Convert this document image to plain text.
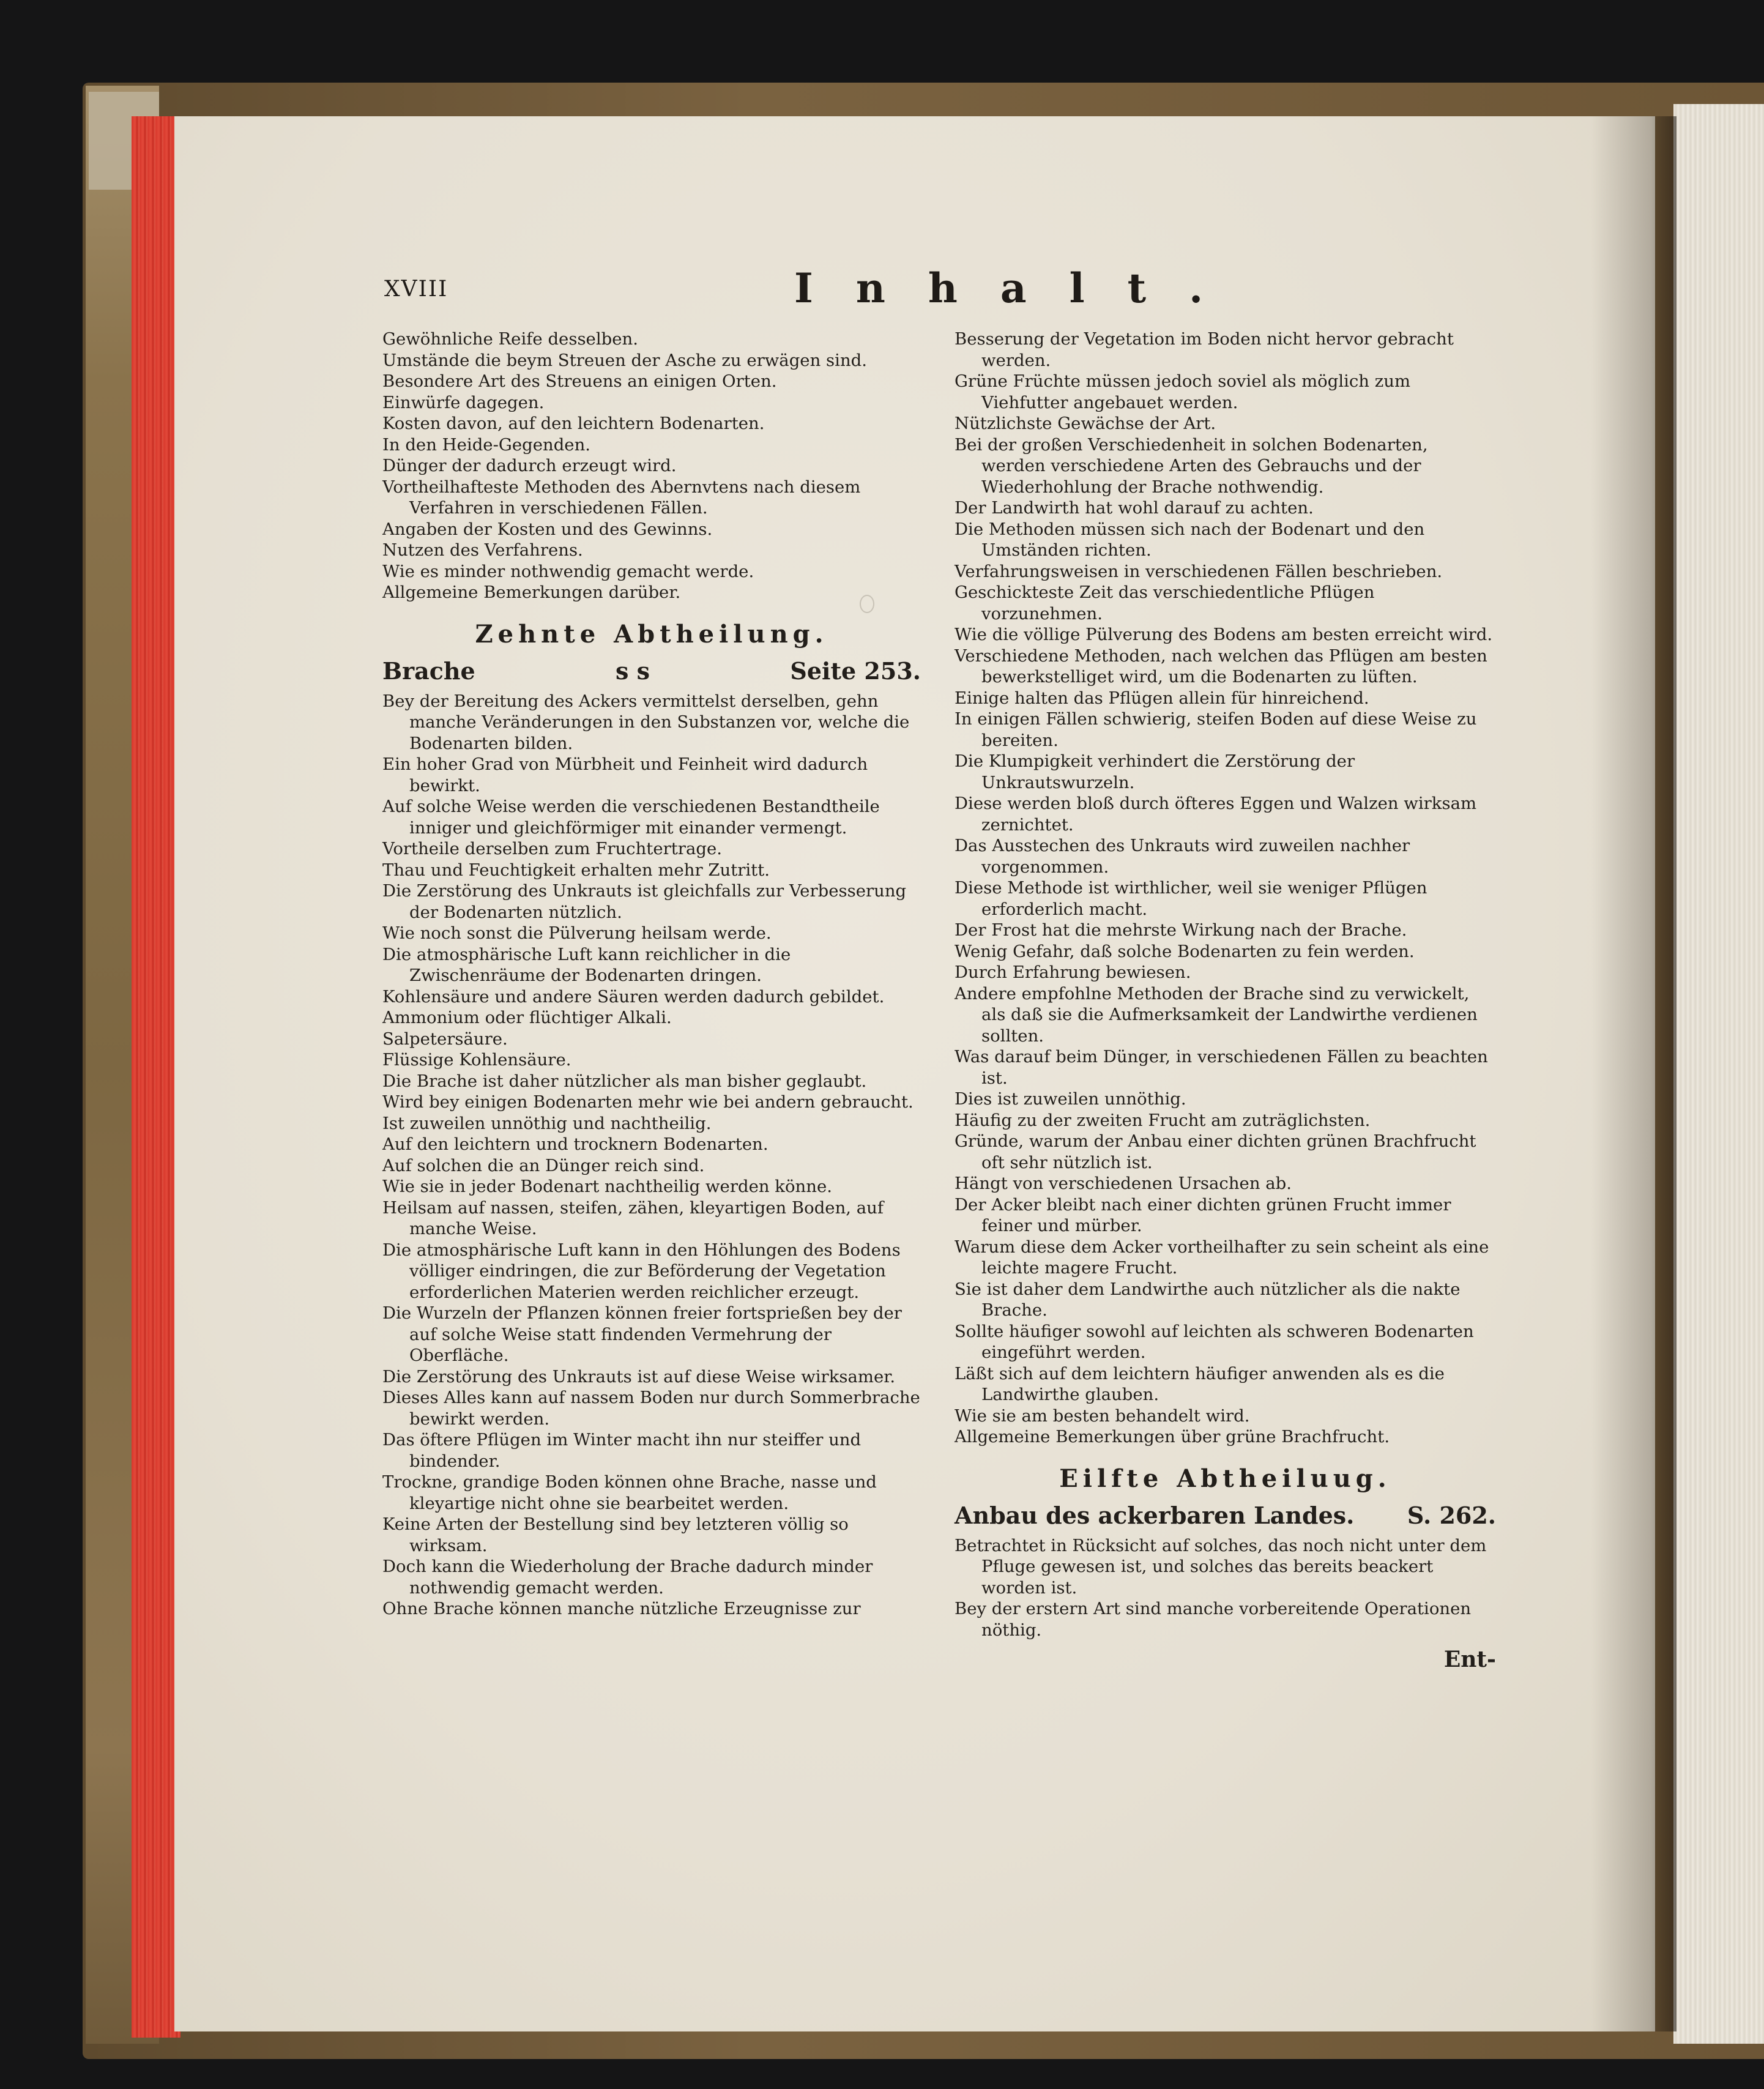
XVIII	Inhalt.

Gewöhnliche Reife desselben.

Umstände die beym Streuen der Asche zu erwägen sind.

Besondere Art des Streuens an einigen Orten.

Einwürfe dagegen.

Kosten davon, auf den leichtern Bodenarten.

In den Heide-Gegenden.

Dünger der dadurch erzeugt wird.

Vortheilhafteste Methoden des Abernvtens nach diesem Verfahren in verschiedenen Fällen.

Angaben der Kosten und des Gewinns.

Nutzen des Verfahrens.

Wie es minder nothwendig gemacht werde.

Allgemeine Bemerkungen darüber.

Zehnte Abtheilung.

Brache	s s	Seite 253.

Bey der Bereitung des Ackers vermittelst derselben, gehn manche Veränderungen in den Substanzen vor, welche die Bodenarten bilden.

Ein hoher Grad von Mürbheit und Feinheit wird dadurch bewirkt.

Auf solche Weise werden die verschiedenen Bestandtheile inniger und gleichförmiger mit einander vermengt.

Vortheile derselben zum Fruchtertrage.

Thau und Feuchtigkeit erhalten mehr Zutritt.

Die Zerstörung des Unkrauts ist gleichfalls zur Verbesserung der Bodenarten nützlich.

Wie noch sonst die Pülverung heilsam werde.

Die atmosphärische Luft kann reichlicher in die Zwischenräume der Bodenarten dringen.

Kohlensäure und andere Säuren werden dadurch gebildet.

Ammonium oder flüchtiger Alkali.

Salpetersäure.

Flüssige Kohlensäure.

Die Brache ist daher nützlicher als man bisher geglaubt.

Wird bey einigen Bodenarten mehr wie bei andern gebraucht.

Ist zuweilen unnöthig und nachtheilig.

Auf den leichtern und trocknern Bodenarten.

Auf solchen die an Dünger reich sind.

Wie sie in jeder Bodenart nachtheilig werden könne.

Heilsam auf nassen, steifen, zähen, kleyartigen Boden, auf manche Weise.

Die atmosphärische Luft kann in den Höhlungen des Bodens völliger eindringen, die zur Beförderung der Vegetation erforderlichen Materien werden reichlicher erzeugt.

Die Wurzeln der Pflanzen können freier fortsprießen bey der auf solche Weise statt findenden Vermehrung der Oberfläche.

Die Zerstörung des Unkrauts ist auf diese Weise wirksamer.

Dieses Alles kann auf nassem Boden nur durch Sommerbrache bewirkt werden.

Das öftere Pflügen im Winter macht ihn nur steiffer und bindender.

Trockne, grandige Boden können ohne Brache, nasse und kleyartige nicht ohne sie bearbeitet werden.

Keine Arten der Bestellung sind bey letzteren völlig so wirksam.

Doch kann die Wiederholung der Brache dadurch minder nothwendig gemacht werden.

Ohne Brache können manche nützliche Erzeugnisse zur

Besserung der Vegetation im Boden nicht hervor gebracht werden.

Grüne Früchte müssen jedoch soviel als möglich zum Viehfutter angebauet werden.

Nützlichste Gewächse der Art.

Bei der großen Verschiedenheit in solchen Bodenarten, werden verschiedene Arten des Gebrauchs und der Wiederhohlung der Brache nothwendig.

Der Landwirth hat wohl darauf zu achten.

Die Methoden müssen sich nach der Bodenart und den Umständen richten.

Verfahrungsweisen in verschiedenen Fällen beschrieben.

Geschickteste Zeit das verschiedentliche Pflügen vorzunehmen.

Wie die völlige Pülverung des Bodens am besten erreicht wird.

Verschiedene Methoden, nach welchen das Pflügen am besten bewerkstelliget wird, um die Bodenarten zu lüften.

Einige halten das Pflügen allein für hinreichend.

In einigen Fällen schwierig, steifen Boden auf diese Weise zu bereiten.

Die Klumpigkeit verhindert die Zerstörung der Unkrautswurzeln.

Diese werden bloß durch öfteres Eggen und Walzen wirksam zernichtet.

Das Ausstechen des Unkrauts wird zuweilen nachher vorgenommen.

Diese Methode ist wirthlicher, weil sie weniger Pflügen erforderlich macht.

Der Frost hat die mehrste Wirkung nach der Brache.

Wenig Gefahr, daß solche Bodenarten zu fein werden.

Durch Erfahrung bewiesen.

Andere empfohlne Methoden der Brache sind zu verwickelt, als daß sie die Aufmerksamkeit der Landwirthe verdienen sollten.

Was darauf beim Dünger, in verschiedenen Fällen zu beachten ist.

Dies ist zuweilen unnöthig.

Häufig zu der zweiten Frucht am zuträglichsten.

Gründe, warum der Anbau einer dichten grünen Brachfrucht oft sehr nützlich ist.

Hängt von verschiedenen Ursachen ab.

Der Acker bleibt nach einer dichten grünen Frucht immer feiner und mürber.

Warum diese dem Acker vortheilhafter zu sein scheint als eine leichte magere Frucht.

Sie ist daher dem Landwirthe auch nützlicher als die nakte Brache.

Sollte häufiger sowohl auf leichten als schweren Bodenarten eingeführt werden.

Läßt sich auf dem leichtern häufiger anwenden als es die Landwirthe glauben.

Wie sie am besten behandelt wird.

Allgemeine Bemerkungen über grüne Brachfrucht.

Eilfte Abtheiluug.

Anbau des ackerbaren Landes. S. 262.

Betrachtet in Rücksicht auf solches, das noch nicht unter dem Pfluge gewesen ist, und solches das bereits beackert worden ist.

Bey der erstern Art sind manche vorbereitende Operationen nöthig.

Ent-
